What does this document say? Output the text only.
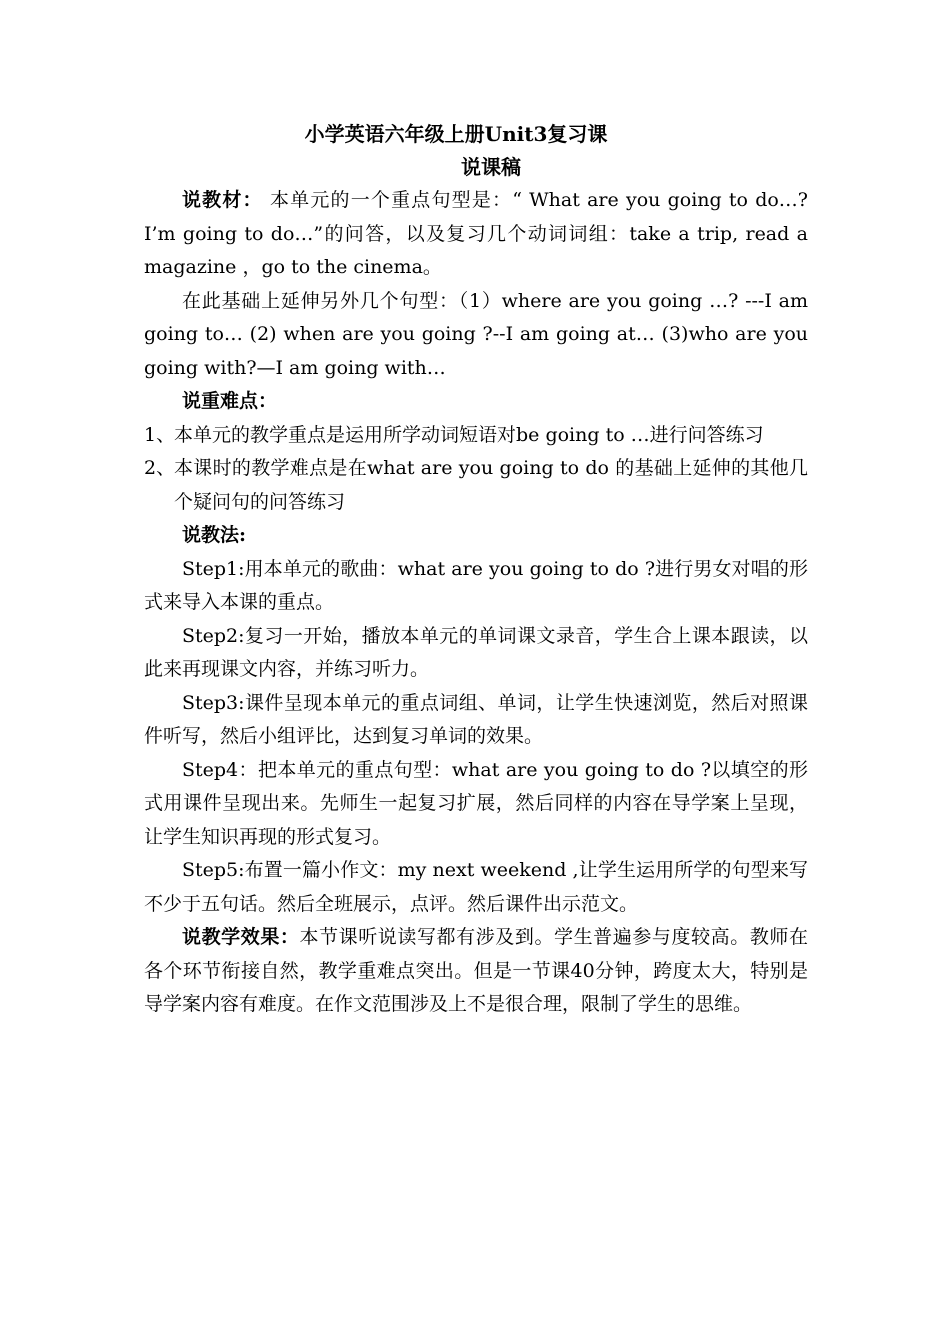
小学英语六年级上册Unit3复习课
说课稿

说教材： 本单元的一个重点句型是：“ What are you going to do…? I’m going to do…”的问答，以及复习几个动词词组：take a trip, read a magazine ，go to the cinema。

在此基础上延伸另外几个句型：（1）where are you going …? ---I am going to… (2) when are you going ?--I am going at… (3)who are you going with?—I am going with…

说重难点：

1、
本单元的教学重点是运用所学动词短语对be going to …进行问答练习
2、
本课时的教学难点是在what are you going to do 的基础上延伸的其他几个疑问句的问答练习

说教法:

Step1:用本单元的歌曲：what are you going to do ?进行男女对唱的形式来导入本课的重点。

Step2:复习一开始，播放本单元的单词课文录音，学生合上课本跟读，以此来再现课文内容，并练习听力。

Step3:课件呈现本单元的重点词组、单词，让学生快速浏览，然后对照课件听写，然后小组评比，达到复习单词的效果。

Step4：把本单元的重点句型：what are you going to do ?以填空的形式用课件呈现出来。先师生一起复习扩展，然后同样的内容在导学案上呈现，让学生知识再现的形式复习。

Step5:布置一篇小作文：my next weekend ,让学生运用所学的句型来写不少于五句话。然后全班展示，点评。然后课件出示范文。

说教学效果：本节课听说读写都有涉及到。学生普遍参与度较高。教师在各个环节衔接自然，教学重难点突出。但是一节课40分钟，跨度太大，特别是导学案内容有难度。在作文范围涉及上不是很合理，限制了学生的思维。
